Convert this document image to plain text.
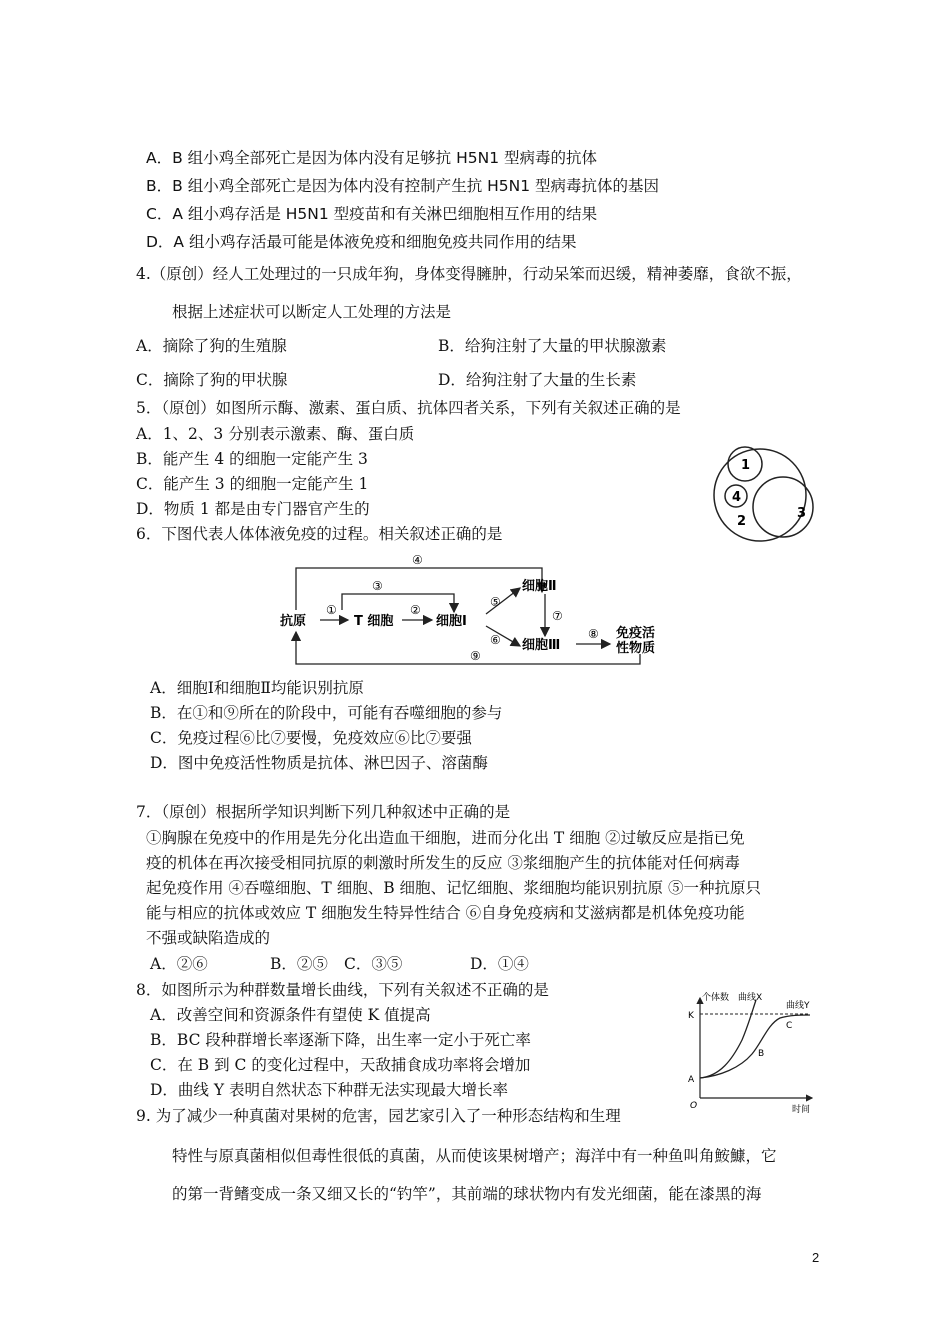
A．B 组小鸡全部死亡是因为体内没有足够抗 H5N1 型病毒的抗体
B．B 组小鸡全部死亡是因为体内没有控制产生抗 H5N1 型病毒抗体的基因
C．A 组小鸡存活是 H5N1 型疫苗和有关淋巴细胞相互作用的结果
D．A 组小鸡存活最可能是体液免疫和细胞免疫共同作用的结果
4.（原创）经人工处理过的一只成年狗，身体变得臃肿，行动呆笨而迟缓，精神萎靡，食欲不振，
根据上述症状可以断定人工处理的方法是
A．摘除了狗的生殖腺	B．给狗注射了大量的甲状腺激素
C．摘除了狗的甲状腺	D．给狗注射了大量的生长素
5．（原创）如图所示酶、激素、蛋白质、抗体四者关系，下列有关叙述正确的是
A．1、2、3 分别表示激素、酶、蛋白质
B．能产生 4 的细胞一定能产生 3
C．能产生 3 的细胞一定能产生 1
D．物质 1 都是由专门器官产生的
1
4
2
3
6．下图代表人体体液免疫的过程。相关叙述正确的是
抗原	T 细胞	细胞Ⅰ
细胞Ⅱ
细胞Ⅲ
免疫活
性物质
④
③
①	②
⑤
⑥
⑦
⑧
⑨
A．细胞Ⅰ和细胞Ⅱ均能识别抗原
B．在①和⑨所在的阶段中，可能有吞噬细胞的参与
C．免疫过程⑥比⑦要慢，免疫效应⑥比⑦要强
D．图中免疫活性物质是抗体、淋巴因子、溶菌酶
7．（原创）根据所学知识判断下列几种叙述中正确的是
①胸腺在免疫中的作用是先分化出造血干细胞，进而分化出 T 细胞 ②过敏反应是指已免
疫的机体在再次接受相同抗原的刺激时所发生的反应 ③浆细胞产生的抗体能对任何病毒
起免疫作用 ④吞噬细胞、T 细胞、B 细胞、记忆细胞、浆细胞均能识别抗原 ⑤一种抗原只
能与相应的抗体或效应 T 细胞发生特异性结合 ⑥自身免疫病和艾滋病都是机体免疫功能
不强或缺陷造成的
A．②⑥	B．②⑤ C．③⑤	D．①④
8．如图所示为种群数量增长曲线，下列有关叙述不正确的是
A．改善空间和资源条件有望使 K 值提高
B．BC 段种群增长率逐渐下降，出生率一定小于死亡率
C．在 B 到 C 的变化过程中，天敌捕食成功率将会增加
D．曲线 Y 表明自然状态下种群无法实现最大增长率
个体数 曲线X
曲线Y
K
A
B
C
O	时间
9. 为了减少一种真菌对果树的危害，园艺家引入了一种形态结构和生理
特性与原真菌相似但毒性很低的真菌，从而使该果树增产；海洋中有一种鱼叫角鮟鱇，它
的第一背鳍变成一条又细又长的“钓竿”，其前端的球状物内有发光细菌，能在漆黑的海
2
